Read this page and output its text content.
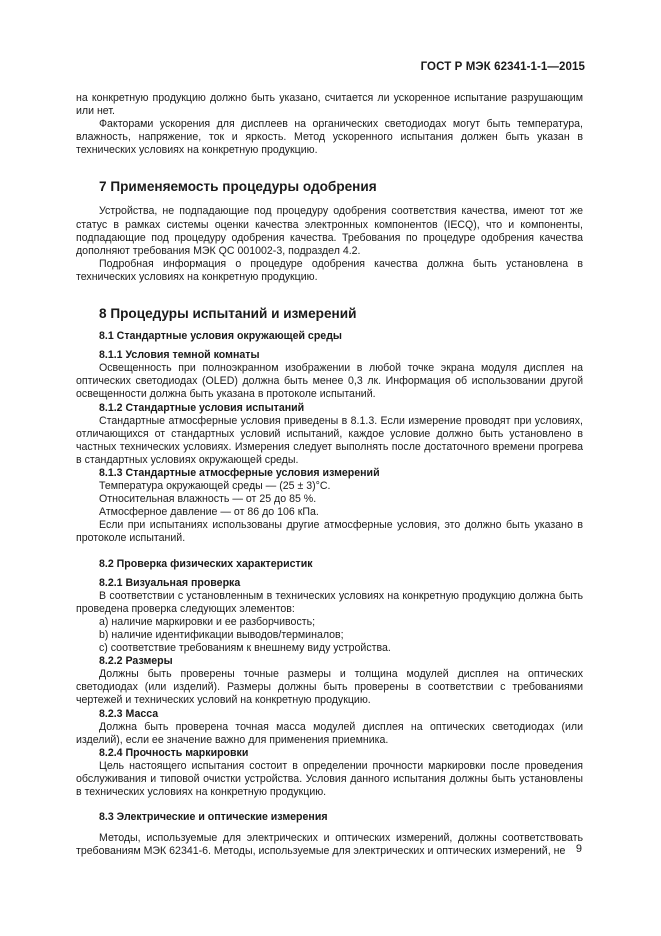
ГОСТ Р МЭК 62341-1-1—2015

на конкретную продукцию должно быть указано, считается ли ускоренное испытание разрушающим или нет.

Факторами ускорения для дисплеев на органических светодиодах могут быть температура, влажность, напряжение, ток и яркость. Метод ускоренного испытания должен быть указан в технических условиях на конкретную продукцию.

7 Применяемость процедуры одобрения

Устройства, не подпадающие под процедуру одобрения соответствия качества, имеют тот же статус в рамках системы оценки качества электронных компонентов (IECQ), что и компоненты, подпадающие под процедуру одобрения качества. Требования по процедуре одобрения качества дополняют требования МЭК QC 001002-3, подраздел 4.2.

Подробная информация о процедуре одобрения качества должна быть установлена в технических условиях на конкретную продукцию.

8 Процедуры испытаний и измерений

8.1 Стандартные условия окружающей среды

8.1.1 Условия темной комнаты

Освещенность при полноэкранном изображении в любой точке экрана модуля дисплея на оптических светодиодах (OLED) должна быть менее 0,3 лк. Информация об использовании другой освещенности должна быть указана в протоколе испытаний.

8.1.2 Стандартные условия испытаний

Стандартные атмосферные условия приведены в 8.1.3. Если измерение проводят при условиях, отличающихся от стандартных условий испытаний, каждое условие должно быть установлено в частных технических условиях. Измерения следует выполнять после достаточного времени прогрева в стандартных условиях окружающей среды.

8.1.3 Стандартные атмосферные условия измерений

Температура окружающей среды — (25 ± 3)°С.

Относительная влажность — от 25 до 85 %.

Атмосферное давление — от 86 до 106 кПа.

Если при испытаниях использованы другие атмосферные условия, это должно быть указано в протоколе испытаний.

8.2 Проверка физических характеристик

8.2.1 Визуальная проверка

В соответствии с установленным в технических условиях на конкретную продукцию должна быть проведена проверка следующих элементов:

a) наличие маркировки и ее разборчивость;

b) наличие идентификации выводов/терминалов;

c) соответствие требованиям к внешнему виду устройства.

8.2.2 Размеры

Должны быть проверены точные размеры и толщина модулей дисплея на оптических светодиодах (или изделий). Размеры должны быть проверены в соответствии с требованиями чертежей и технических условий на конкретную продукцию.

8.2.3 Масса

Должна быть проверена точная масса модулей дисплея на оптических светодиодах (или изделий), если ее значение важно для применения приемника.

8.2.4 Прочность маркировки

Цель настоящего испытания состоит в определении прочности маркировки после проведения обслуживания и типовой очистки устройства. Условия данного испытания должны быть установлены в технических условиях на конкретную продукцию.

8.3 Электрические и оптические измерения

Методы, используемые для электрических и оптических измерений, должны соответствовать требованиям МЭК 62341-6. Методы, используемые для электрических и оптических измерений, не 9
